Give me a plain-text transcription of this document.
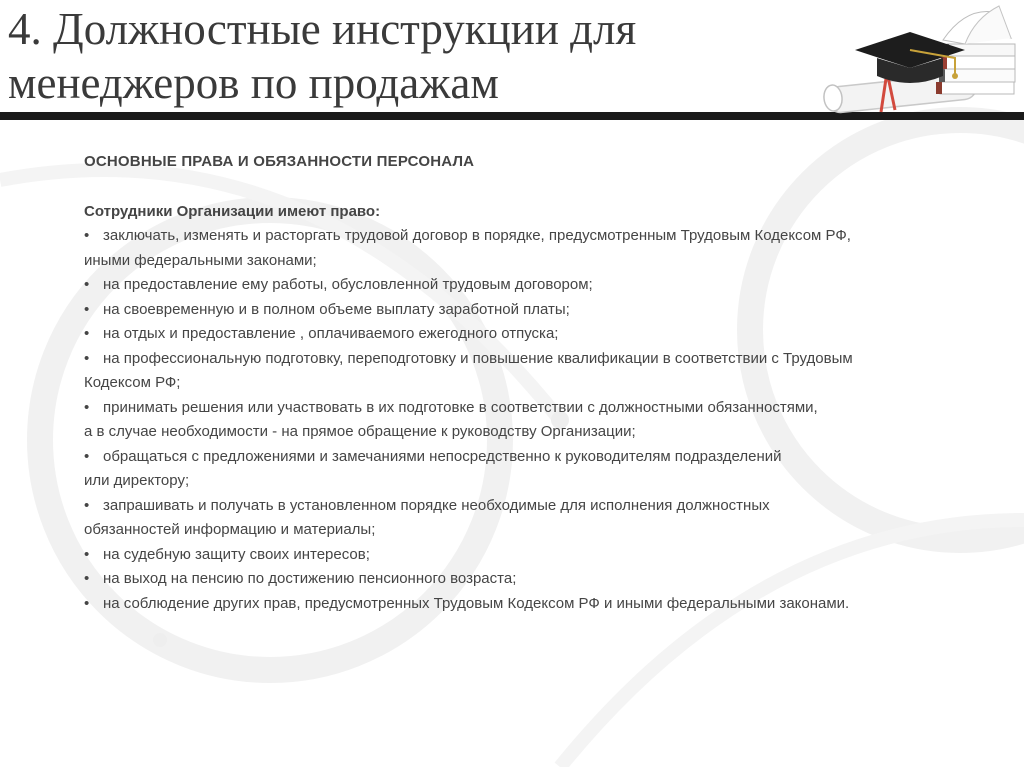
4. Должностные инструкции для менеджеров по продажам

ОСНОВНЫЕ ПРАВА И ОБЯЗАННОСТИ ПЕРСОНАЛА

Сотрудники Организации имеют право:

• заключать, изменять и расторгать трудовой договор в порядке, предусмотренным Трудовым Кодексом РФ,
иными федеральными законами;
• на предоставление ему работы, обусловленной трудовым договором;
• на своевременную и в полном объеме выплату заработной платы;
• на отдых и предоставление , оплачиваемого ежегодного отпуска;
• на профессиональную подготовку, переподготовку и повышение квалификации в соответствии с Трудовым
Кодексом РФ;
• принимать решения или участвовать в их подготовке в соответствии с должностными обязанностями,
а в случае необходимости - на прямое обращение к руководству Организации;
• обращаться с предложениями и замечаниями непосредственно к руководителям подразделений
или директору;
• запрашивать и получать в установленном порядке необходимые для исполнения должностных
обязанностей информацию и материалы;
• на судебную защиту своих интересов;
• на выход на пенсию по достижению пенсионного возраста;
• на соблюдение других прав, предусмотренных Трудовым Кодексом РФ и иными федеральными законами.
